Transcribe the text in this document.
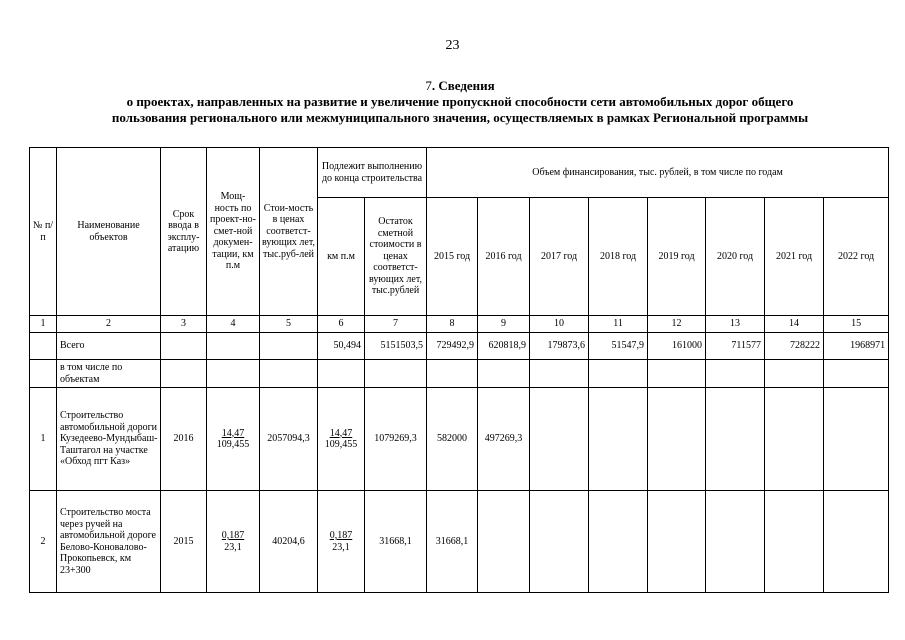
23
7. Сведения
о проектах, направленных на развитие и увеличение пропускной способности сети автомобильных дорог общего
пользования регионального или межмуниципального значения, осуществляемых в рамках Региональной программы
№ п/п	Наименование объектов	Срок ввода в эксплу-атацию	Мощ-ность по проект-но-смет-ной докумен-тации, км п.м	Стои-мость в ценах соответст-вующих лет, тыс.руб-лей	Подлежит выполнению до конца строительства		Объем финансирования, тыс. рублей, в том числе по годам							
					км п.м	Остаток сметной стоимости в ценах соответст-вующих лет, тыс.рублей	2015 год	2016 год	2017 год	2018 год	2019 год	2020 год	2021 год	2022 год
1	2	3	4	5	6	7	8	9	10	11	12	13	14	15
	Всего				50,494	5151503,5	729492,9	620818,9	179873,6	51547,9	161000	711577	728222	1968971
	в том числе по объектам													
1	Строительство автомобильной дороги Кузедеево-Мундыбаш-Таштагол на участке «Обход пгт Каз»	2016	14,47
109,455	2057094,3	14,47
109,455	1079269,3	582000	497269,3						
2	Строительство моста через ручей на автомобильной дороге Белово-Коновалово-Прокопьевск, км 23+300	2015	0,187
23,1	40204,6	0,187
23,1	31668,1	31668,1							
